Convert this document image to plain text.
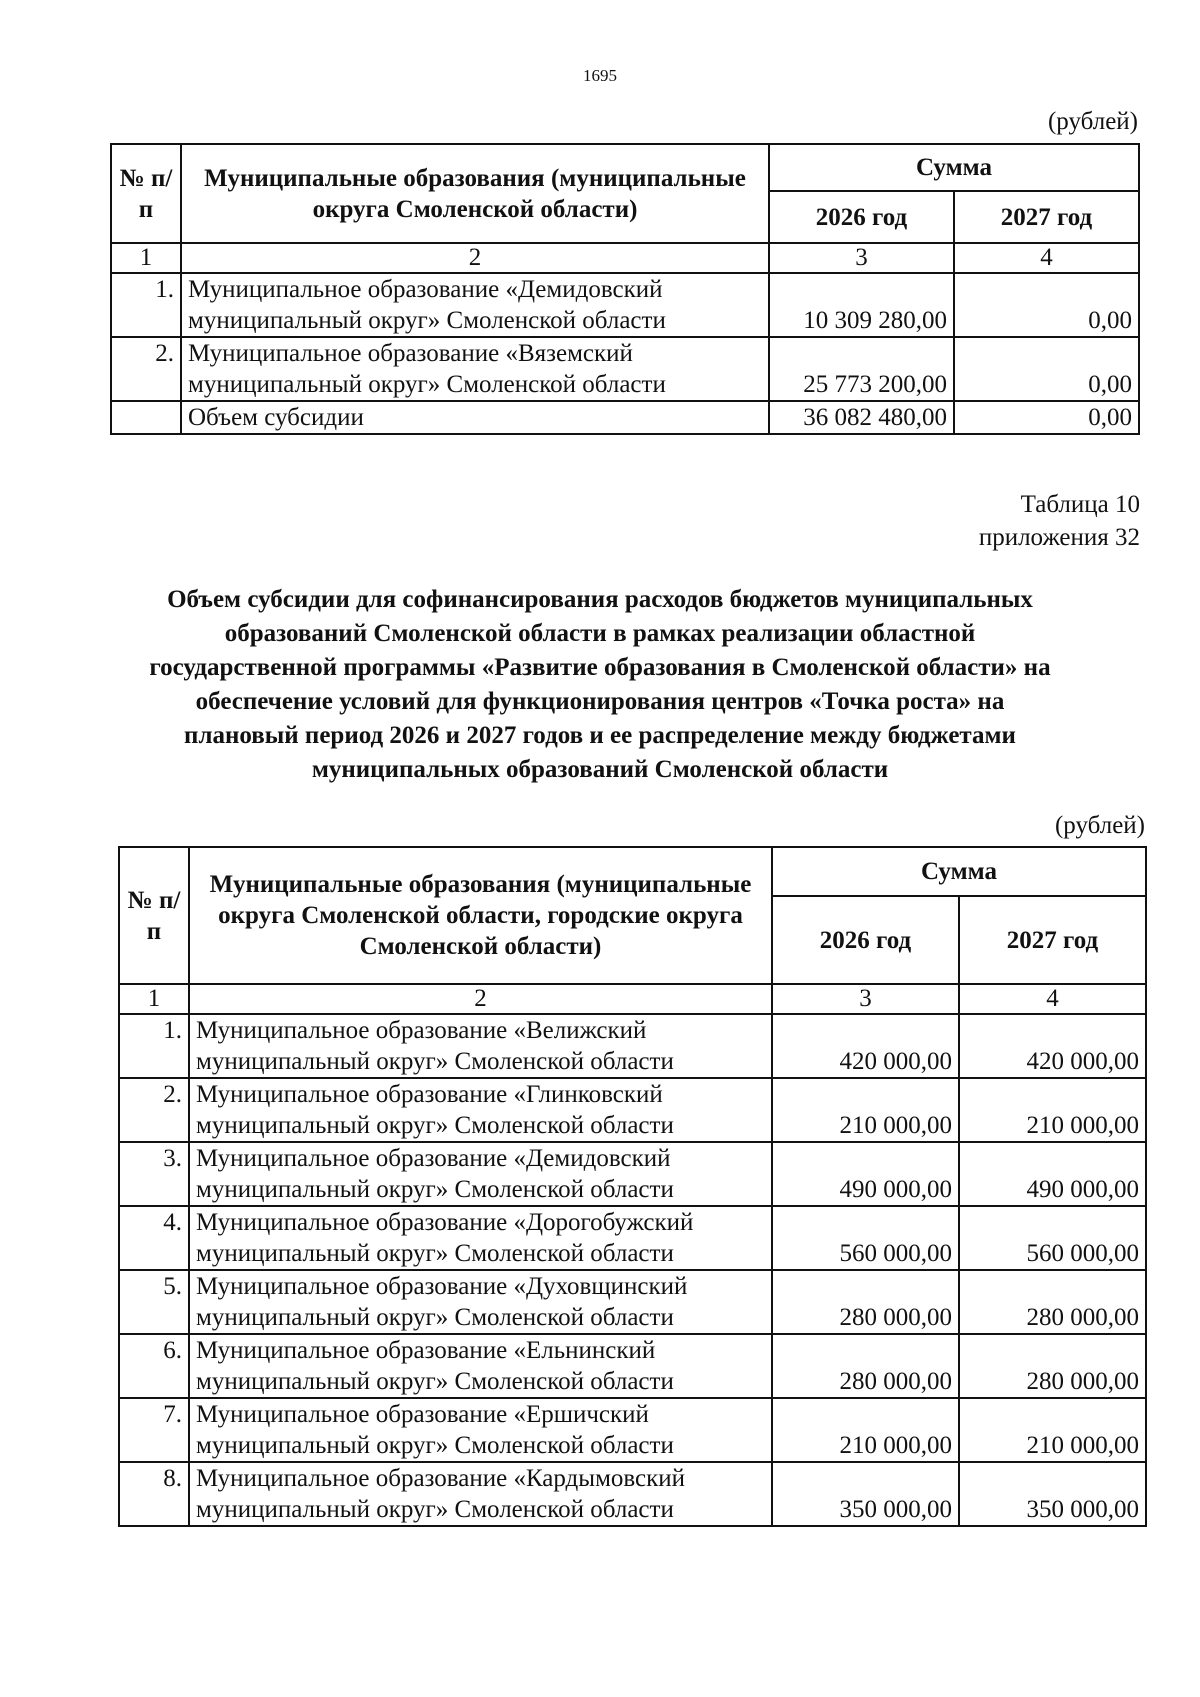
1695
(рублей)
№ п/п	Муниципальные образования (муниципальные округа Смоленской области)	Сумма	
		2026 год	2027 год
1	2	3	4
1.	Муниципальное образование «Демидовский муниципальный округ» Смоленской области	10 309 280,00	0,00
2.	Муниципальное образование «Вяземский муниципальный округ» Смоленской области	25 773 200,00	0,00
	Объем субсидии	36 082 480,00	0,00
Таблица 10
приложения 32
Объем субсидии для софинансирования расходов бюджетов муниципальных
образований Смоленской области в рамках реализации областной
государственной программы «Развитие образования в Смоленской области» на
обеспечение условий для функционирования центров «Точка роста» на
плановый период 2026 и 2027 годов и ее распределение между бюджетами
муниципальных образований Смоленской области
(рублей)
№ п/п	Муниципальные образования (муниципальные округа Смоленской области, городские округа Смоленской области)	Сумма	
		2026 год	2027 год
1	2	3	4
1.	Муниципальное образование «Велижский муниципальный округ» Смоленской области	420 000,00	420 000,00
2.	Муниципальное образование «Глинковский муниципальный округ» Смоленской области	210 000,00	210 000,00
3.	Муниципальное образование «Демидовский муниципальный округ» Смоленской области	490 000,00	490 000,00
4.	Муниципальное образование «Дорогобужский муниципальный округ» Смоленской области	560 000,00	560 000,00
5.	Муниципальное образование «Духовщинский муниципальный округ» Смоленской области	280 000,00	280 000,00
6.	Муниципальное образование «Ельнинский муниципальный округ» Смоленской области	280 000,00	280 000,00
7.	Муниципальное образование «Ершичский муниципальный округ» Смоленской области	210 000,00	210 000,00
8.	Муниципальное образование «Кардымовский муниципальный округ» Смоленской области	350 000,00	350 000,00
